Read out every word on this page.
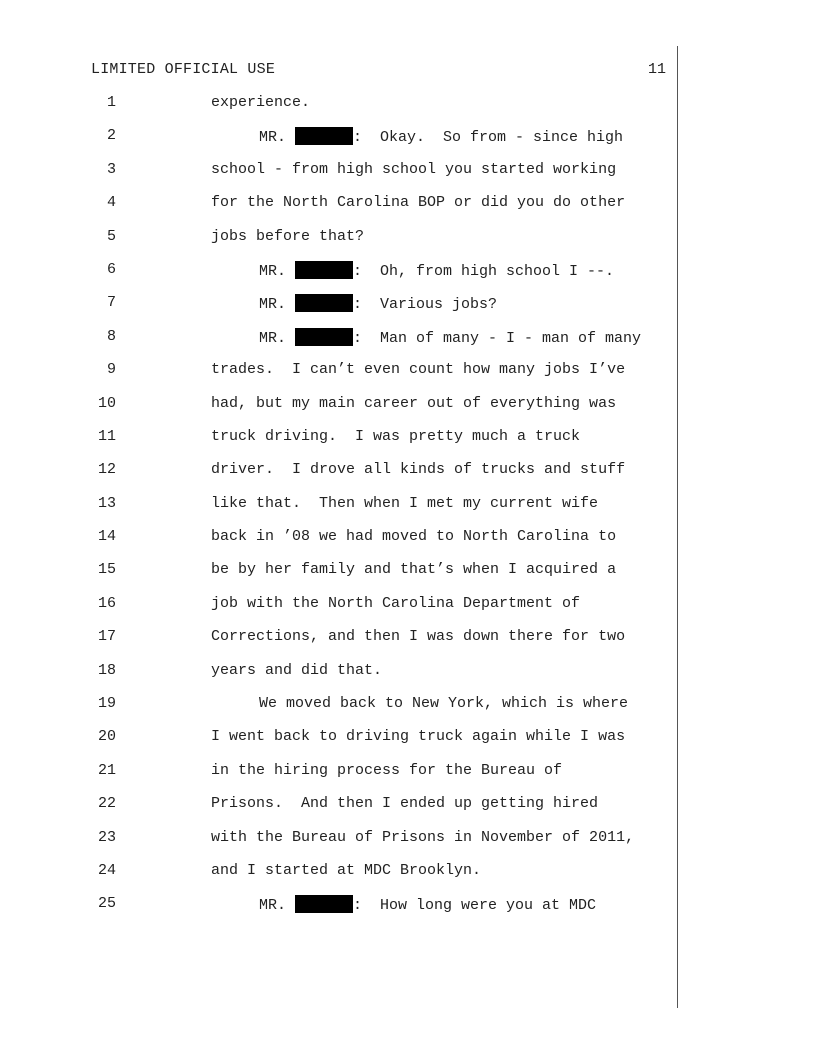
LIMITED OFFICIAL USE	11
1	experience.
2	MR.	:  Okay.  So from - since high
3	school - from high school you started working
4	for the North Carolina BOP or did you do other
5	jobs before that?
6	MR.	:  Oh, from high school I --.
7	MR.	:  Various jobs?
8	MR.	:  Man of many - I - man of many
9	trades.  I can’t even count how many jobs I’ve
10	had, but my main career out of everything was
11	truck driving.  I was pretty much a truck
12	driver.  I drove all kinds of trucks and stuff
13	like that.  Then when I met my current wife
14	back in ’08 we had moved to North Carolina to
15	be by her family and that’s when I acquired a
16	job with the North Carolina Department of
17	Corrections, and then I was down there for two
18	years and did that.
19	We moved back to New York, which is where
20	I went back to driving truck again while I was
21	in the hiring process for the Bureau of
22	Prisons.  And then I ended up getting hired
23	with the Bureau of Prisons in November of 2011,
24	and I started at MDC Brooklyn.
25	MR.	:  How long were you at MDC
